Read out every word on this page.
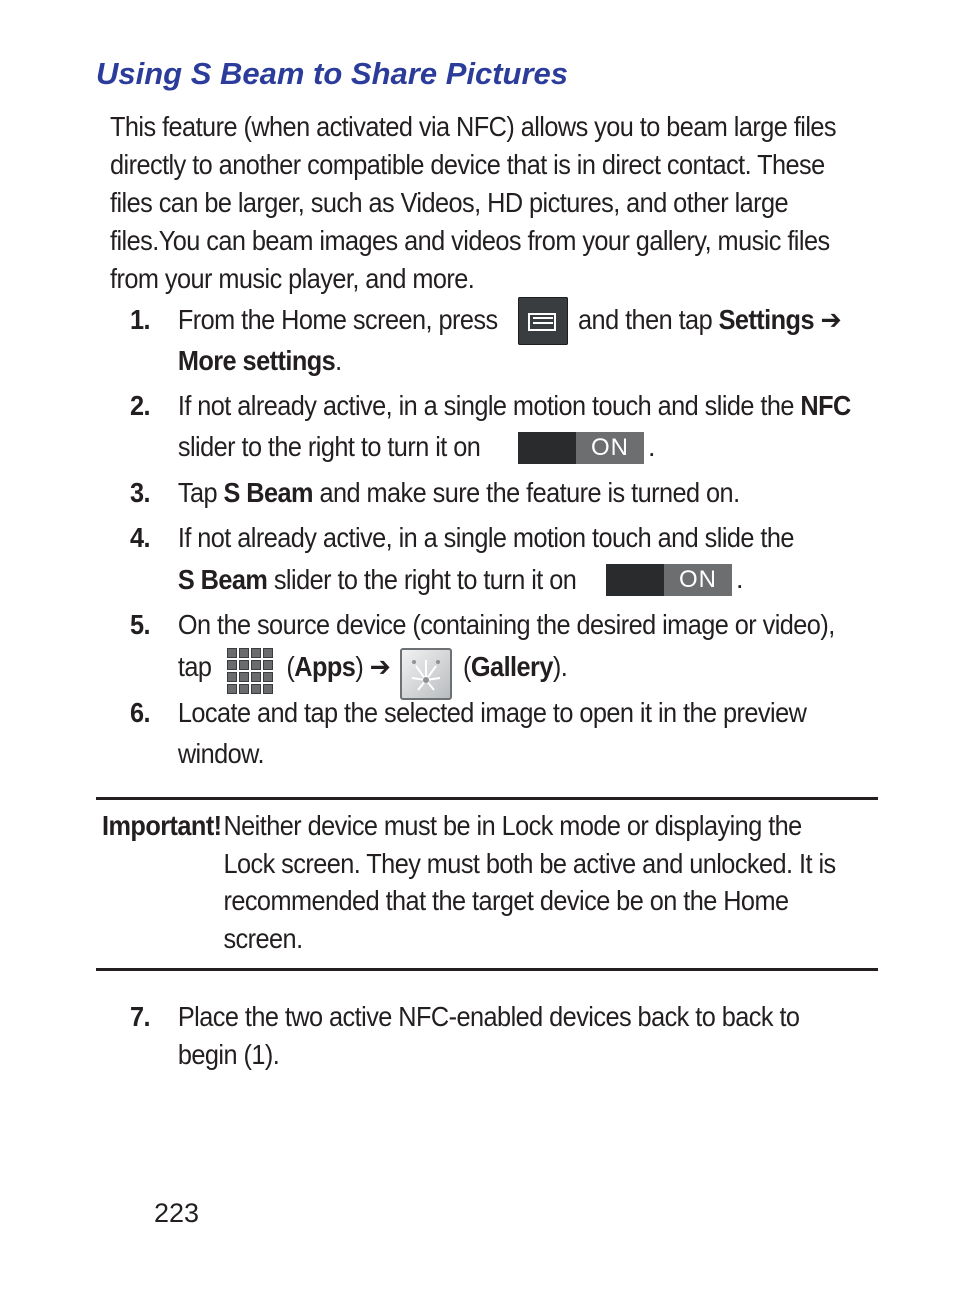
Using S Beam to Share Pictures
This feature (when activated via NFC) allows you to beam large files
directly to another compatible device that is in direct contact. These
files can be larger, such as Videos, HD pictures, and other large
files.You can beam images and videos from your gallery, music files
from your music player, and more.
1. From the Home screen, press	and then tap Settings ➔
More settings.
2. If not already active, in a single motion touch and slide the NFC
slider to the right to turn it on	ON .
3. Tap S Beam and make sure the feature is turned on.
4. If not already active, in a single motion touch and slide the
S Beam slider to the right to turn it on	ON .
5. On the source device (containing the desired image or video),
tap	(Apps) ➔	(Gallery).
6. Locate and tap the selected image to open it in the preview
window.
Important! Neither device must be in Lock mode or displaying the
Lock screen. They must both be active and unlocked. It is
recommended that the target device be on the Home
screen.
7. Place the two active NFC-enabled devices back to back to
begin (1).
223
